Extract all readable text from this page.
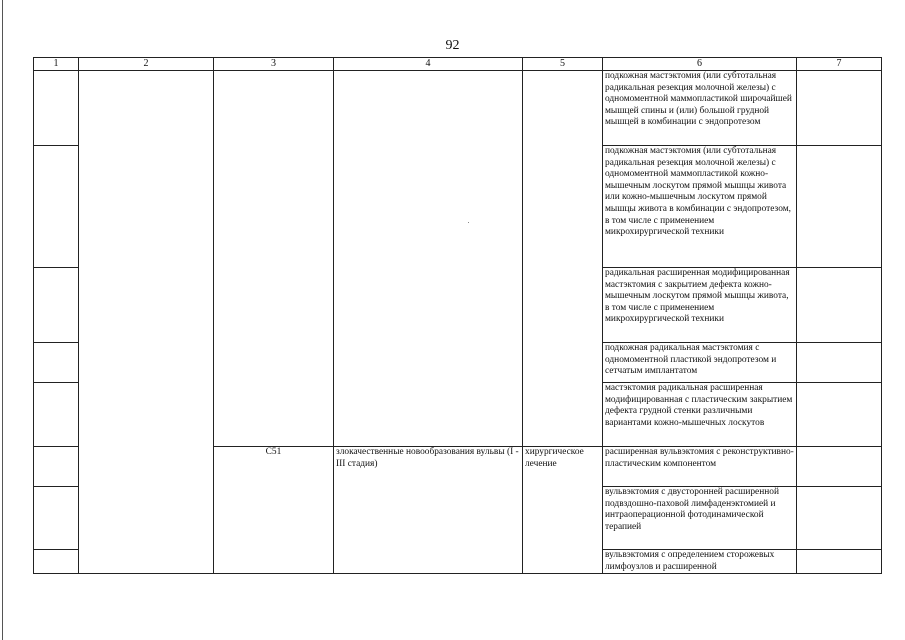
92
1	2	3	4	5	6	7
					подкожная мастэктомия (или субтотальная радикальная резекция молочной железы) с одномоментной маммопластикой широчайшей мышцей спины и (или) большой грудной мышцей в комбинации с эндопротезом	
					подкожная мастэктомия (или субтотальная радикальная резекция молочной железы) с одномоментной маммопластикой кожно-мышечным лоскутом прямой мышцы живота или кожно-мышечным лоскутом прямой мышцы живота в комбинации с эндопротезом, в том числе с применением микрохирургической техники	
					радикальная расширенная модифицированная мастэктомия с закрытием дефекта кожно-мышечным лоскутом прямой мышцы живота, в том числе с применением микрохирургической техники	
					подкожная радикальная мастэктомия с одномоментной пластикой эндопротезом и сетчатым имплантатом	
					мастэктомия радикальная расширенная модифицированная с пластическим закрытием дефекта грудной стенки различными вариантами кожно-мышечных лоскутов	
		C51	злокачественные новообразования вульвы (I - III стадия)	хирургическое лечение	расширенная вульвэктомия с реконструктивно-пластическим компонентом	
					вульвэктомия с двусторонней расширенной подвздошно-паховой лимфаденэктомией и интраоперационной фотодинамической терапией	
					вульвэктомия с определением сторожевых лимфоузлов и расширенной	
